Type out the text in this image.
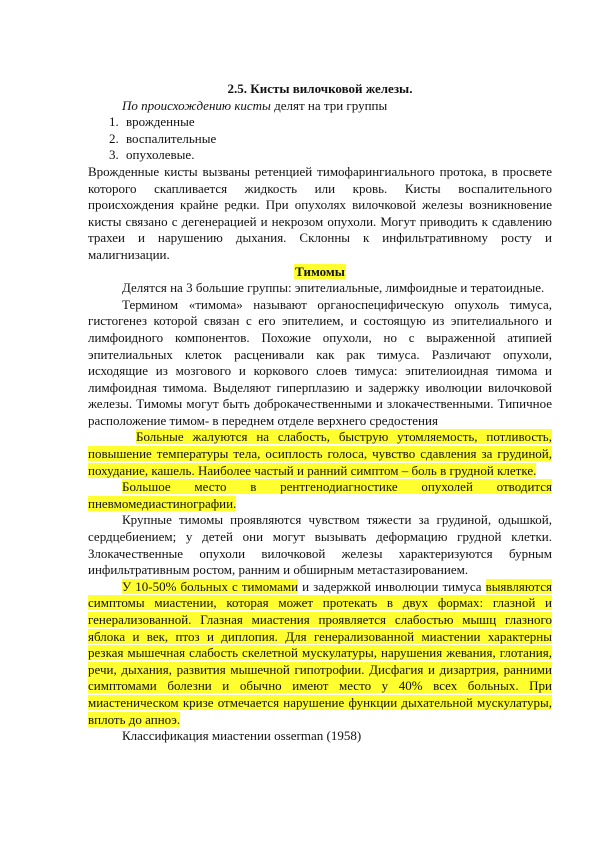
2.5. Кисты вилочковой железы.

По происхождению кисты делят на три группы

1. врожденные
2. воспалительные
3. опухолевые.

Врожденные кисты вызваны ретенцией тимофарингиального протока, в просвете которого скапливается жидкость или кровь. Кисты воспалительного происхождения крайне редки. При опухолях вилочковой железы возникновение кисты связано с дегенерацией и некрозом опухоли. Могут приводить к сдавлению трахеи и нарушению дыхания. Склонны к инфильтративному росту и малигнизации.

Тимомы

Делятся на 3 большие группы: эпителиальные, лимфоидные и тератоидные.

Термином «тимома» называют органоспецифическую опухоль тимуса, гистогенез которой связан с его эпителием, и состоящую из эпителиального и лимфоидного компонентов. Похожие опухоли, но с выраженной атипией эпителиальных клеток расценивали как рак тимуса. Различают опухоли, исходящие из мозгового и коркового слоев тимуса: эпителиоидная тимома и лимфоидная тимома. Выделяют гиперплазию и задержку иволюции вилочковой железы. Тимомы могут быть доброкачественными и злокачественными. Типичное расположение тимом- в переднем отделе верхнего средостения

Больные жалуются на слабость, быструю утомляемость, потливость, повышение температуры тела, осиплость голоса, чувство сдавления за грудиной, похудание, кашель. Наиболее частый и ранний симптом – боль в грудной клетке.

Большое место в рентгенодиагностике опухолей отводится пневмомедиастинографии.

Крупные тимомы проявляются чувством тяжести за грудиной, одышкой, сердцебиением; у детей они могут вызывать деформацию грудной клетки. Злокачественные опухоли вилочковой железы характеризуются бурным инфильтративным ростом, ранним и обширным метастазированием.

У 10-50% больных с тимомами и задержкой инволюции тимуса выявляются симптомы миастении, которая может протекать в двух формах: глазной и генерализованной. Глазная миастения проявляется слабостью мышц глазного яблока и век, птоз и диплопия. Для генерализованной миастении характерны резкая мышечная слабость скелетной мускулатуры, нарушения жевания, глотания, речи, дыхания, развития мышечной гипотрофии. Дисфагия и дизартрия, ранними симптомами болезни и обычно имеют место у 40% всех больных. При миастеническом кризе отмечается нарушение функции дыхательной мускулатуры, вплоть до апноэ.

Классификация миастении osserman (1958)
